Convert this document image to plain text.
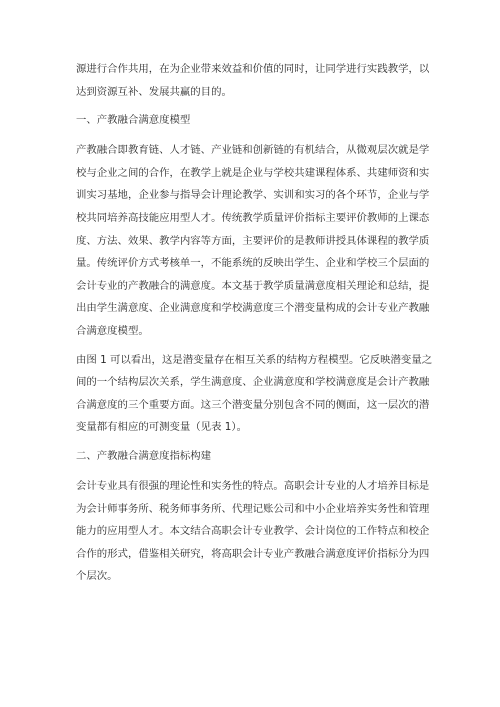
源进行合作共用，在为企业带来效益和价值的同时，让同学进行实践教学，以
达到资源互补、发展共赢的目的。
一、产教融合满意度模型
产教融合即教育链、人才链、产业链和创新链的有机结合，从微观层次就是学
校与企业之间的合作，在教学上就是企业与学校共建课程体系、共建师资和实
训实习基地，企业参与指导会计理论教学、实训和实习的各个环节，企业与学
校共同培养高技能应用型人才。传统教学质量评价指标主要评价教师的上课态
度、方法、效果、教学内容等方面，主要评价的是教师讲授具体课程的教学质
量。传统评价方式考核单一，不能系统的反映出学生、企业和学校三个层面的
会计专业的产教融合的满意度。本文基于教学质量满意度相关理论和总结，提
出由学生满意度、企业满意度和学校满意度三个潜变量构成的会计专业产教融
合满意度模型。
由图 1 可以看出，这是潜变量存在相互关系的结构方程模型。它反映潜变量之
间的一个结构层次关系，学生满意度、企业满意度和学校满意度是会计产教融
合满意度的三个重要方面。这三个潜变量分别包含不同的侧面，这一层次的潜
变量都有相应的可测变量（见表 1）。
二、产教融合满意度指标构建
会计专业具有很强的理论性和实务性的特点。高职会计专业的人才培养目标是
为会计师事务所、税务师事务所、代理记账公司和中小企业培养实务性和管理
能力的应用型人才。本文结合高职会计专业教学、会计岗位的工作特点和校企
合作的形式，借鉴相关研究，将高职会计专业产教融合满意度评价指标分为四
个层次。
